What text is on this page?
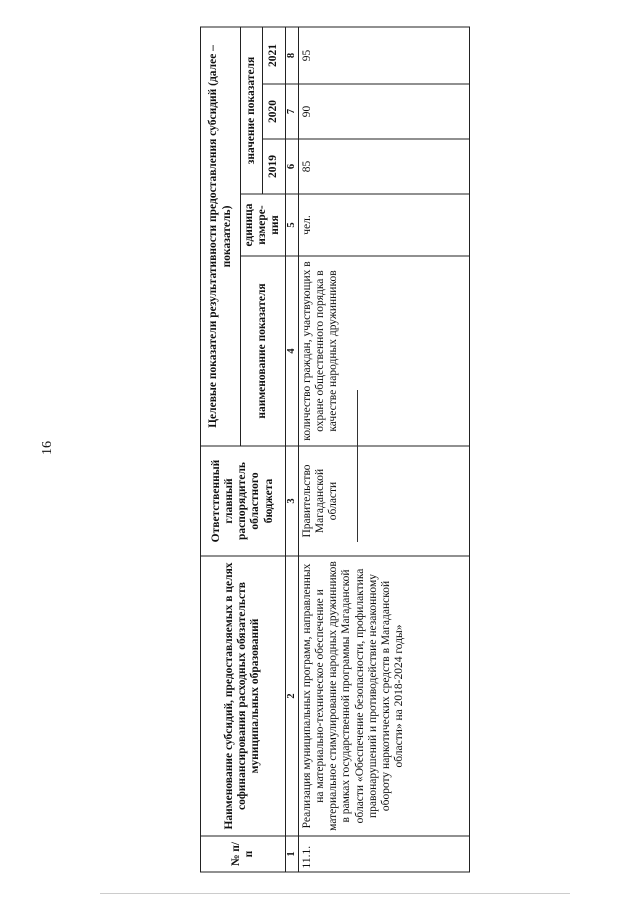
16
№ п/п	Наименование субсидий, предоставляемых в целях софинансирования расходных обязательств муниципальных образований	Ответственный главный распорядитель областного бюджета	Целевые показатели результативности предоставления субсидий (далее – показатель)				
			наименование показателя	единица измере-ния	значение показателя		
					2019	2020	2021
1	2	3	4	5	6	7	8
11.1.	Реализация муниципальных программ, направленных на материально-техническое обеспечение и материальное стимулирование народных дружинников в рамках государственной программы Магаданской области «Обеспечение безопасности, профилактика правонарушений и противодействие незаконному обороту наркотических средств в Магаданской области» на 2018-2024 годы»	Правительство Магаданской области	количество граждан, участвующих в охране общественного порядка в качестве народных дружинников	чел.	85	90	95
